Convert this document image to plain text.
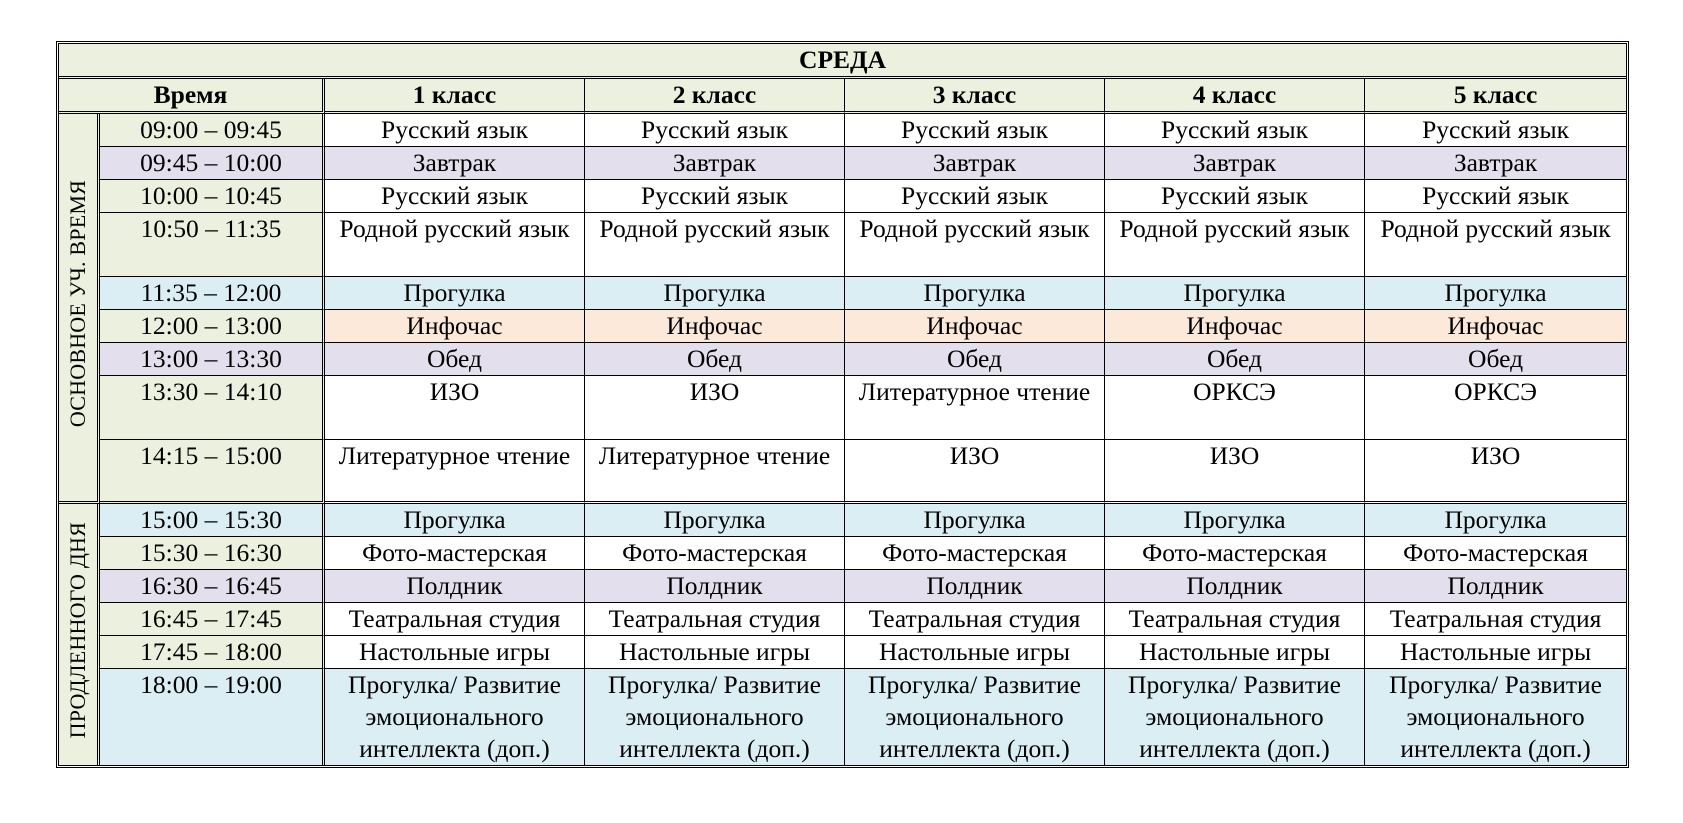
СРЕДА						
Время		1 класс	2 класс	3 класс	4 класс	5 класс
ОСНОВНОЕ УЧ. ВРЕМЯ	09:00 – 09:45	Русский язык	Русский язык	Русский язык	Русский язык	Русский язык
	09:45 – 10:00	Завтрак	Завтрак	Завтрак	Завтрак	Завтрак
	10:00 – 10:45	Русский язык	Русский язык	Русский язык	Русский язык	Русский язык
	10:50 – 11:35	Родной русский язык	Родной русский язык	Родной русский язык	Родной русский язык	Родной русский язык
	11:35 – 12:00	Прогулка	Прогулка	Прогулка	Прогулка	Прогулка
	12:00 – 13:00	Инфочас	Инфочас	Инфочас	Инфочас	Инфочас
	13:00 – 13:30	Обед	Обед	Обед	Обед	Обед
	13:30 – 14:10	ИЗО	ИЗО	Литературное чтение	ОРКСЭ	ОРКСЭ
	14:15 – 15:00	Литературное чтение	Литературное чтение	ИЗО	ИЗО	ИЗО
ПРОДЛЕННОГО ДНЯ	15:00 – 15:30	Прогулка	Прогулка	Прогулка	Прогулка	Прогулка
	15:30 – 16:30	Фото-мастерская	Фото-мастерская	Фото-мастерская	Фото-мастерская	Фото-мастерская
	16:30 – 16:45	Полдник	Полдник	Полдник	Полдник	Полдник
	16:45 – 17:45	Театральная студия	Театральная студия	Театральная студия	Театральная студия	Театральная студия
	17:45 – 18:00	Настольные игры	Настольные игры	Настольные игры	Настольные игры	Настольные игры
	18:00 – 19:00	Прогулка/ Развитие эмоционального интеллекта (доп.)	Прогулка/ Развитие эмоционального интеллекта (доп.)	Прогулка/ Развитие эмоционального интеллекта (доп.)	Прогулка/ Развитие эмоционального интеллекта (доп.)	Прогулка/ Развитие эмоционального интеллекта (доп.)
